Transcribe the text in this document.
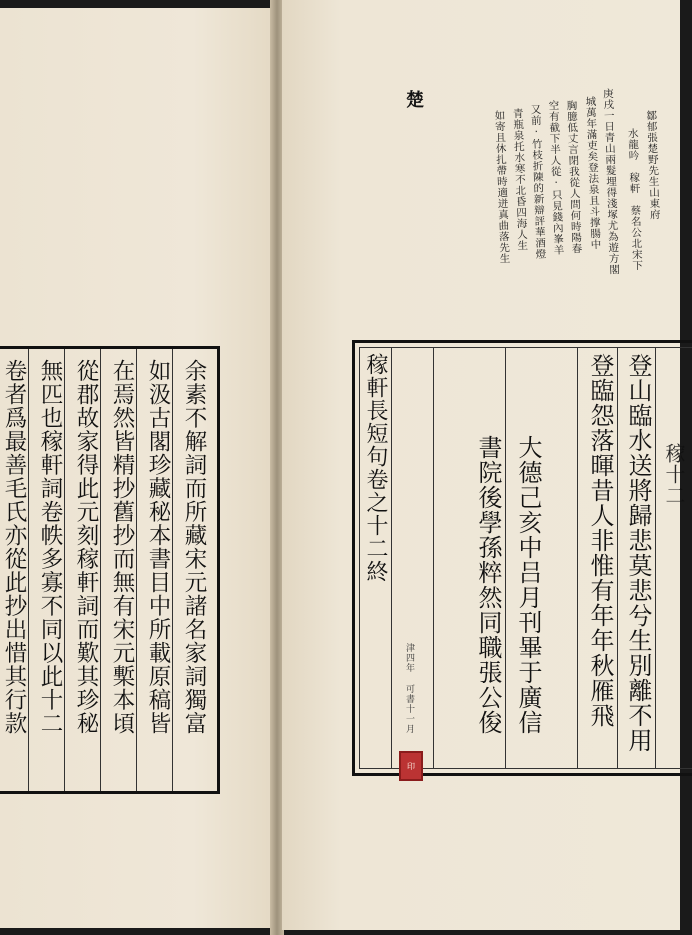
余素不解詞而所藏宋元諸名家詞獨富
如汲古閣珍藏秘本書目中所載原稿皆
在焉然皆精抄舊抄而無有宋元槧本頃
從郡故家得此元刻稼軒詞而歎其珍秘
無匹也稼軒詞卷帙多寡不同以此十二
卷者爲最善毛氏亦從此抄出惜其行款
鄒郁張楚野先生山東府
水龍吟　稼軒　蔡名公北宋下
庚戌一日青山兩髮埋得淺塚尤為遊方閣
城萬年滿吏矣登法泉且斗撑腸中
胸臆低丈言閉我從人問何時陽春
空有截下半人從·只見錢內峯羊
又前·竹枝折陳的新辯評華酒燈
青瓶泉托水寒不北昏四海人生
如寄且休扎帶時適迸真曲落先生
楚
稼軒長短句卷之十二終
津四年 可書十一月
印
大德己亥中吕月刊畢于廣信
書院後學孫粹然同職張公俊	登臨怨落暉昔人非惟有年年秋雁飛 登山臨水送將歸悲莫悲兮生別離不用 稼十二
